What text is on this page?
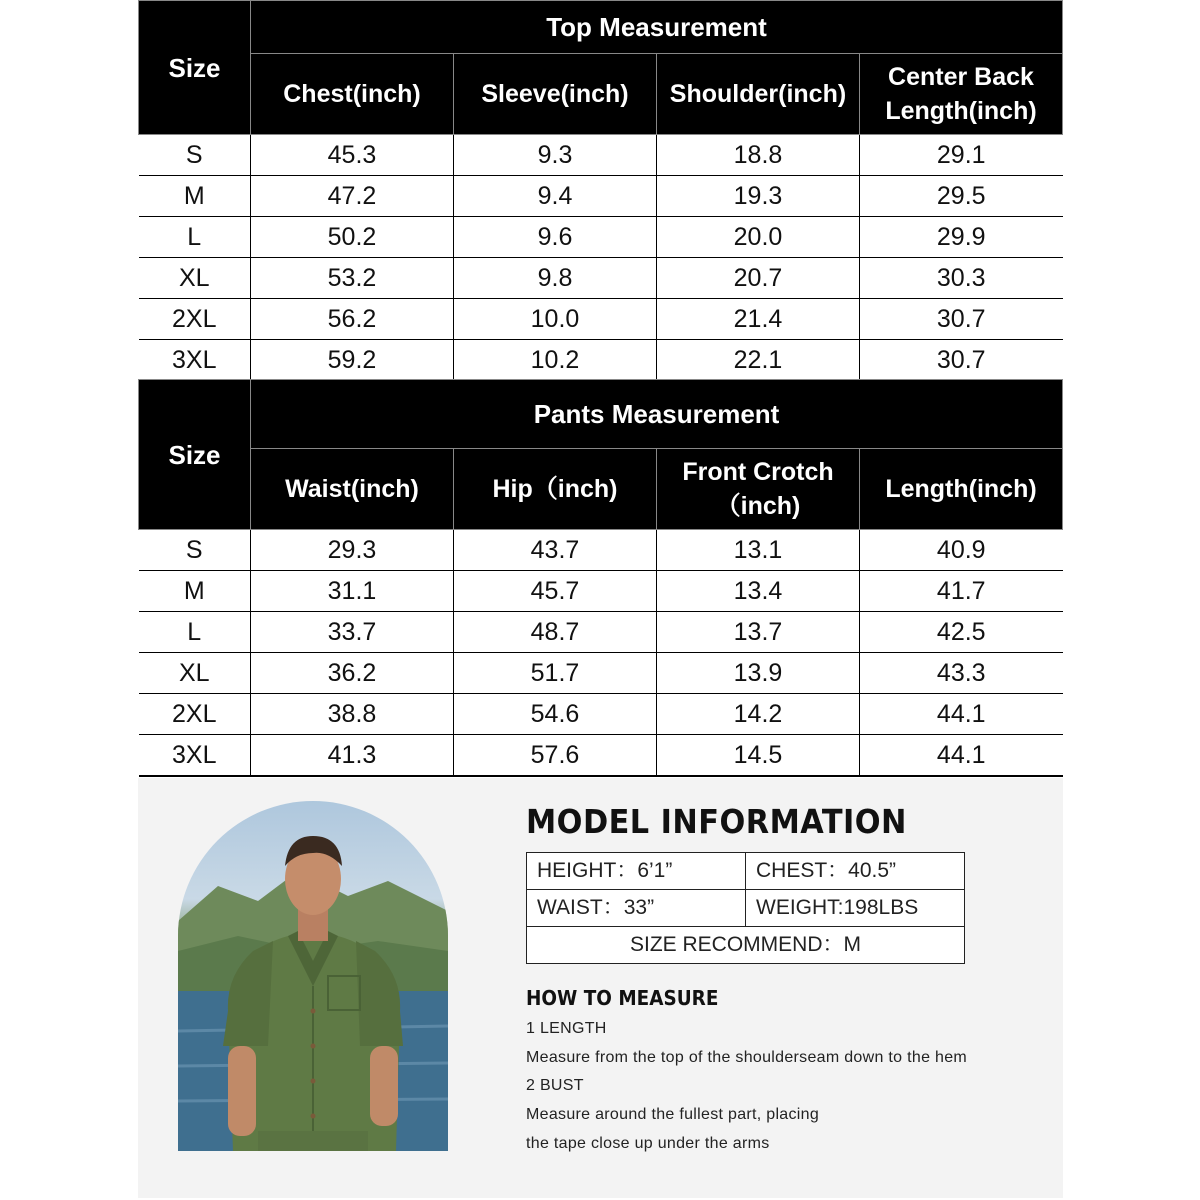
Size	Top Measurement			
	Chest(inch)	Sleeve(inch)	Shoulder(inch)	Center Back Length(inch)
S	45.3	9.3	18.8	29.1
M	47.2	9.4	19.3	29.5
L	50.2	9.6	20.0	29.9
XL	53.2	9.8	20.7	30.3
2XL	56.2	10.0	21.4	30.7
3XL	59.2	10.2	22.1	30.7
Size	Pants Measurement			
	Waist(inch)	Hip（inch)	Front Crotch（inch)	Length(inch)
S	29.3	43.7	13.1	40.9
M	31.1	45.7	13.4	41.7
L	33.7	48.7	13.7	42.5
XL	36.2	51.7	13.9	43.3
2XL	38.8	54.6	14.2	44.1
3XL	41.3	57.6	14.5	44.1
MODEL INFORMATION
HEIGHT：6’1”	CHEST：40.5”
WAIST：33”	WEIGHT:198LBS
SIZE RECOMMEND：M
HOW TO MEASURE
1 LENGTH
Measure from the top of the shoulderseam down to the hem
2 BUST
Measure around the fullest part, placing
the tape close up under the arms
